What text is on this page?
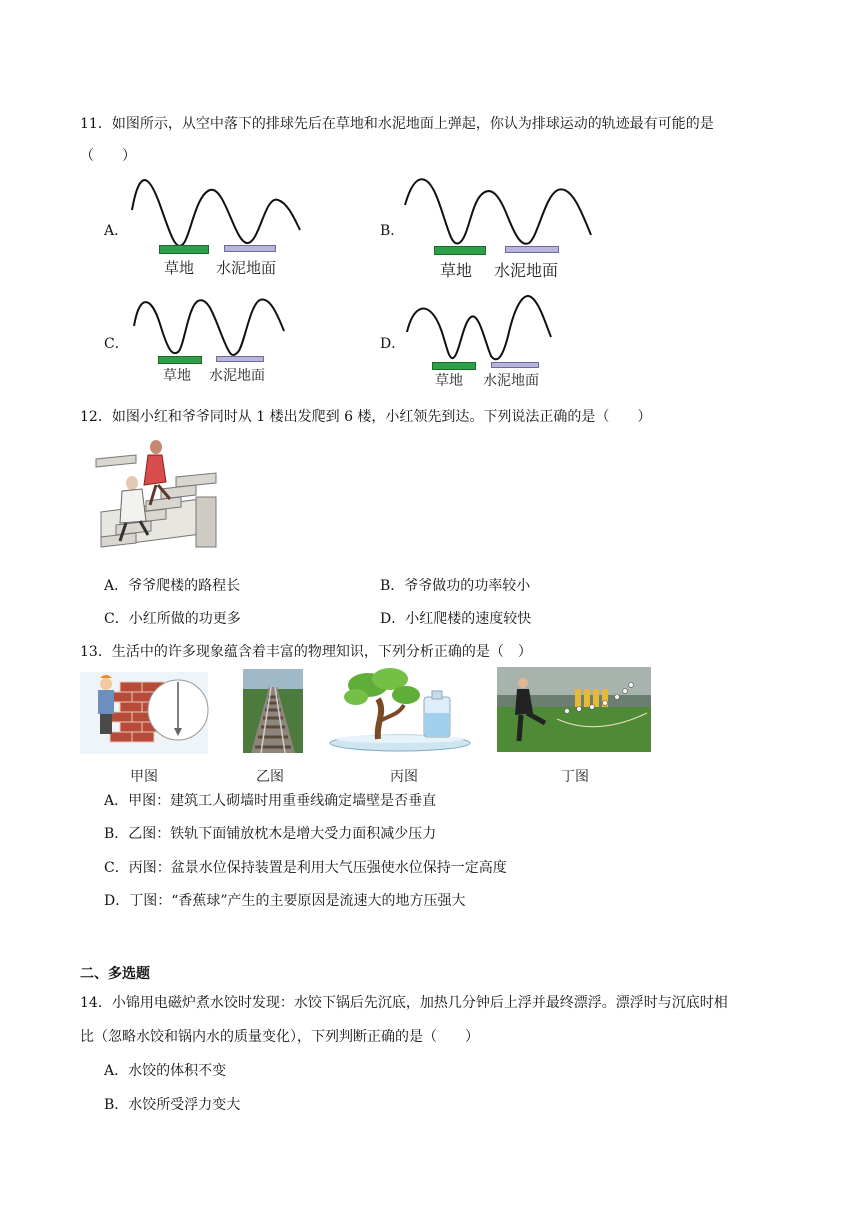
11．如图所示，从空中落下的排球先后在草地和水泥地面上弹起，你认为排球运动的轨迹最有可能的是
（　　）
A．
草地 水泥地面
B．
草地 水泥地面
C．
草地 水泥地面
D．
草地 水泥地面
12．如图小红和爷爷同时从 1 楼出发爬到 6 楼，小红领先到达。下列说法正确的是（　　）
A．爷爷爬楼的路程长	B．爷爷做功的功率较小
C．小红所做的功更多	D．小红爬楼的速度较快
13．生活中的许多现象蕴含着丰富的物理知识，下列分析正确的是（　）
甲图	乙图	丙图	丁图
A．甲图：建筑工人砌墙时用重垂线确定墙壁是否垂直
B．乙图：铁轨下面铺放枕木是增大受力面积减少压力
C．丙图：盆景水位保持装置是利用大气压强使水位保持一定高度
D．丁图：“香蕉球”产生的主要原因是流速大的地方压强大
二、多选题
14．小锦用电磁炉煮水饺时发现：水饺下锅后先沉底，加热几分钟后上浮并最终漂浮。漂浮时与沉底时相
比（忽略水饺和锅内水的质量变化），下列判断正确的是（　　）
A．水饺的体积不变
B．水饺所受浮力变大
